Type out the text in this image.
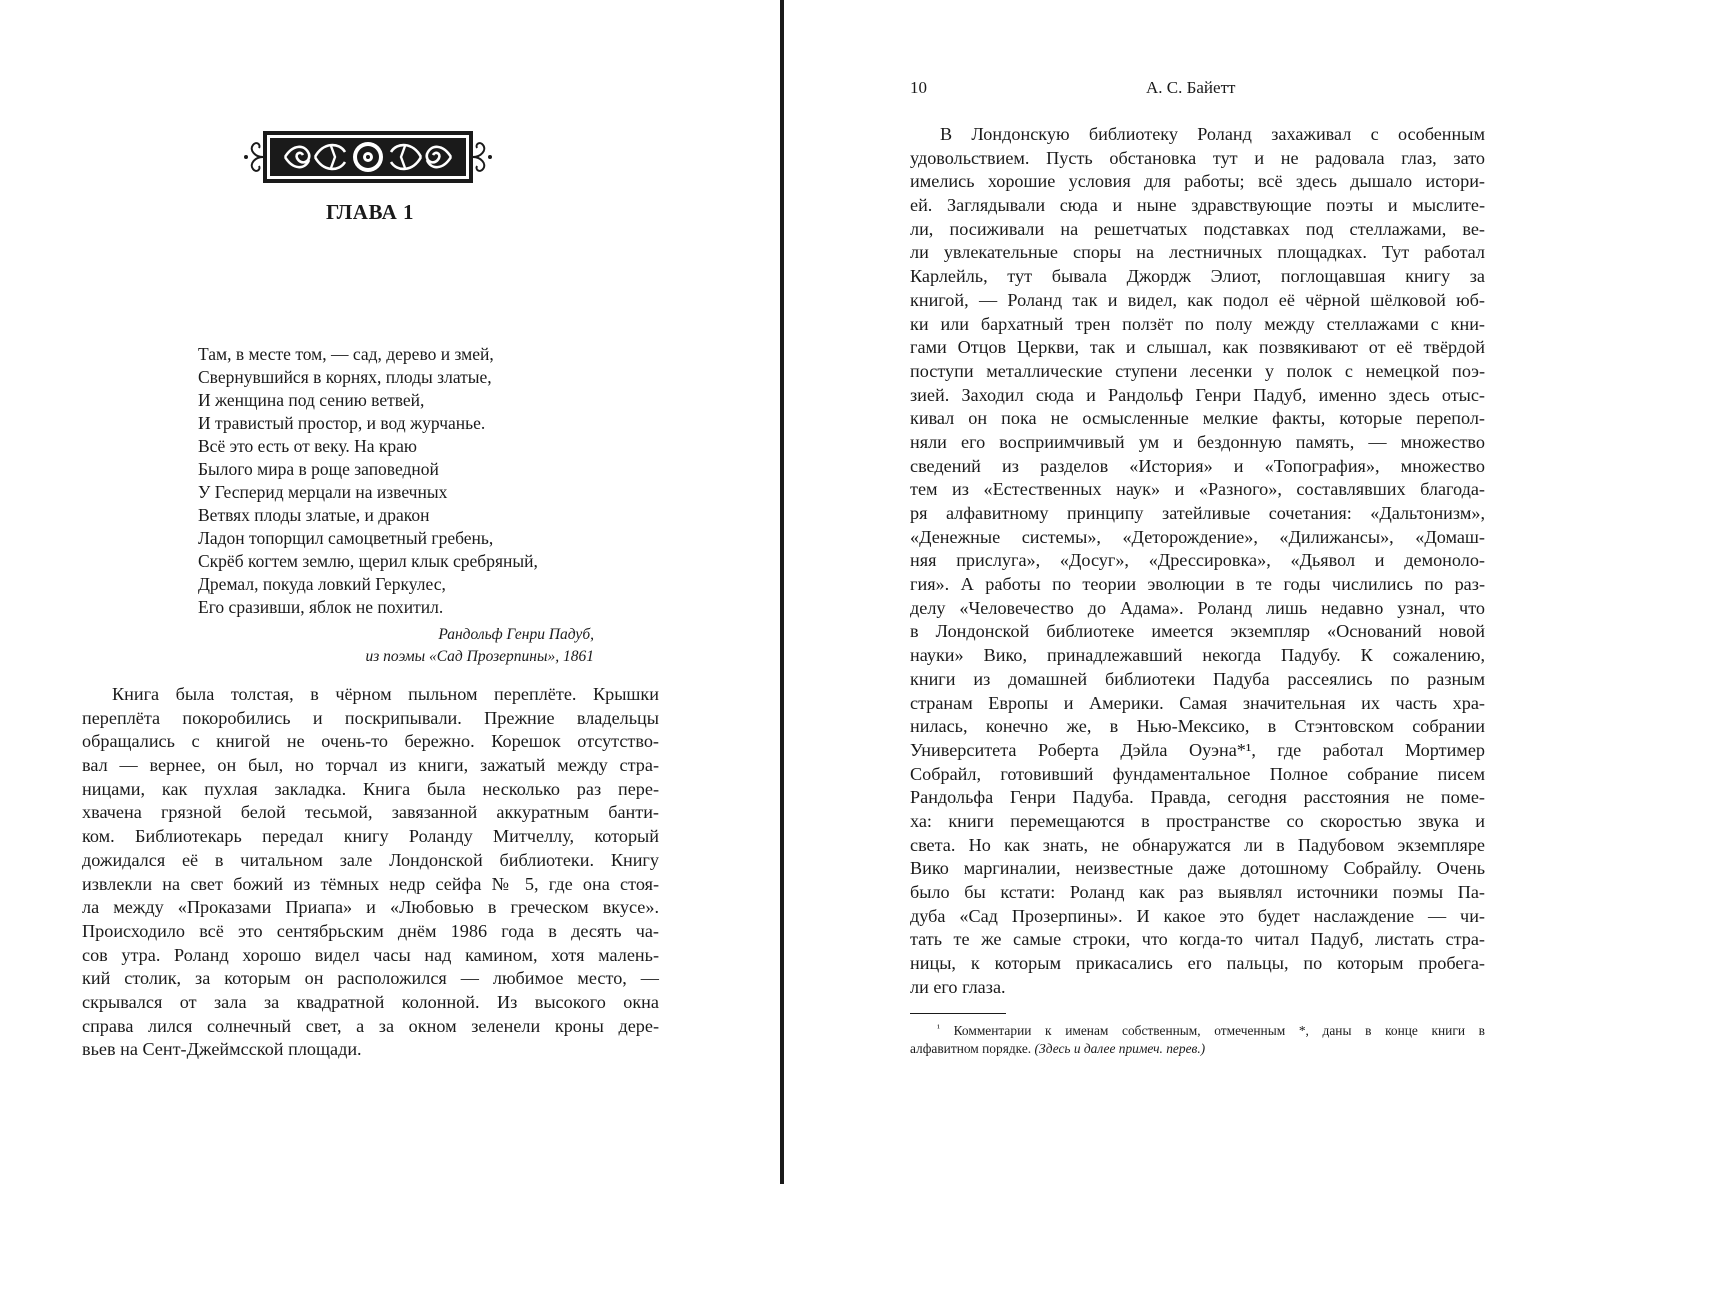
ГЛАВА 1
Там, в месте том, — сад, дерево и змей,
Свернувшийся в корнях, плоды златые,
И женщина под сению ветвей,
И травистый простор, и вод журчанье.
Всё это есть от веку. На краю
Былого мира в роще заповедной
У Гесперид мерцали на извечных
Ветвях плоды златые, и дракон
Ладон топорщил самоцветный гребень,
Скрёб когтем землю, щерил клык сребряный,
Дремал, покуда ловкий Геркулес,
Его сразивши, яблок не похитил.
Рандольф Генри Падуб,
из поэмы «Сад Прозерпины», 1861
Книга была толстая, в чёрном пыльном переплёте. Крышки
переплёта покоробились и поскрипывали. Прежние владельцы
обращались с книгой не очень-то бережно. Корешок отсутство-
вал — вернее, он был, но торчал из книги, зажатый между стра-
ницами, как пухлая закладка. Книга была несколько раз пере-
хвачена грязной белой тесьмой, завязанной аккуратным банти-
ком. Библиотекарь передал книгу Роланду Митчеллу, который
дожидался её в читальном зале Лондонской библиотеки. Книгу
извлекли на свет божий из тёмных недр сейфа № 5, где она стоя-
ла между «Проказами Приапа» и «Любовью в греческом вкусе».
Происходило всё это сентябрьским днём 1986 года в десять ча-
сов утра. Роланд хорошо видел часы над камином, хотя малень-
кий столик, за которым он расположился — любимое место, —
скрывался от зала за квадратной колонной. Из высокого окна
справа лился солнечный свет, а за окном зеленели кроны дере-
вьев на Сент-Джеймсской площади.
10	А. С. Байетт
В Лондонскую библиотеку Роланд захаживал с особенным
удовольствием. Пусть обстановка тут и не радовала глаз, зато
имелись хорошие условия для работы; всё здесь дышало истори-
ей. Заглядывали сюда и ныне здравствующие поэты и мыслите-
ли, посиживали на решетчатых подставках под стеллажами, ве-
ли увлекательные споры на лестничных площадках. Тут работал
Карлейль, тут бывала Джордж Элиот, поглощавшая книгу за
книгой, — Роланд так и видел, как подол её чёрной шёлковой юб-
ки или бархатный трен ползёт по полу между стеллажами с кни-
гами Отцов Церкви, так и слышал, как позвякивают от её твёрдой
поступи металлические ступени лесенки у полок с немецкой поэ-
зией. Заходил сюда и Рандольф Генри Падуб, именно здесь отыс-
кивал он пока не осмысленные мелкие факты, которые перепол-
няли его восприимчивый ум и бездонную память, — множество
сведений из разделов «История» и «Топография», множество
тем из «Естественных наук» и «Разного», составлявших благода-
ря алфавитному принципу затейливые сочетания: «Дальтонизм»,
«Денежные системы», «Деторождение», «Дилижансы», «Домаш-
няя прислуга», «Досуг», «Дрессировка», «Дьявол и демоноло-
гия». А работы по теории эволюции в те годы числились по раз-
делу «Человечество до Адама». Роланд лишь недавно узнал, что
в Лондонской библиотеке имеется экземпляр «Оснований новой
науки» Вико, принадлежавший некогда Падубу. К сожалению,
книги из домашней библиотеки Падуба рассеялись по разным
странам Европы и Америки. Самая значительная их часть хра-
нилась, конечно же, в Нью-Мексико, в Стэнтовском собрании
Университета Роберта Дэйла Оуэна*¹, где работал Мортимер
Собрайл, готовивший фундаментальное Полное собрание писем
Рандольфа Генри Падуба. Правда, сегодня расстояния не поме-
ха: книги перемещаются в пространстве со скоростью звука и
света. Но как знать, не обнаружатся ли в Падубовом экземпляре
Вико маргиналии, неизвестные даже дотошному Собрайлу. Очень
было бы кстати: Роланд как раз выявлял источники поэмы Па-
дуба «Сад Прозерпины». И какое это будет наслаждение — чи-
тать те же самые строки, что когда-то читал Падуб, листать стра-
ницы, к которым прикасались его пальцы, по которым пробега-
ли его глаза.
$^{^1}$ Комментарии к именам собственным, отмеченным *, даны в конце книги в
алфавитном порядке. (Здесь и далее примеч. перев.)
